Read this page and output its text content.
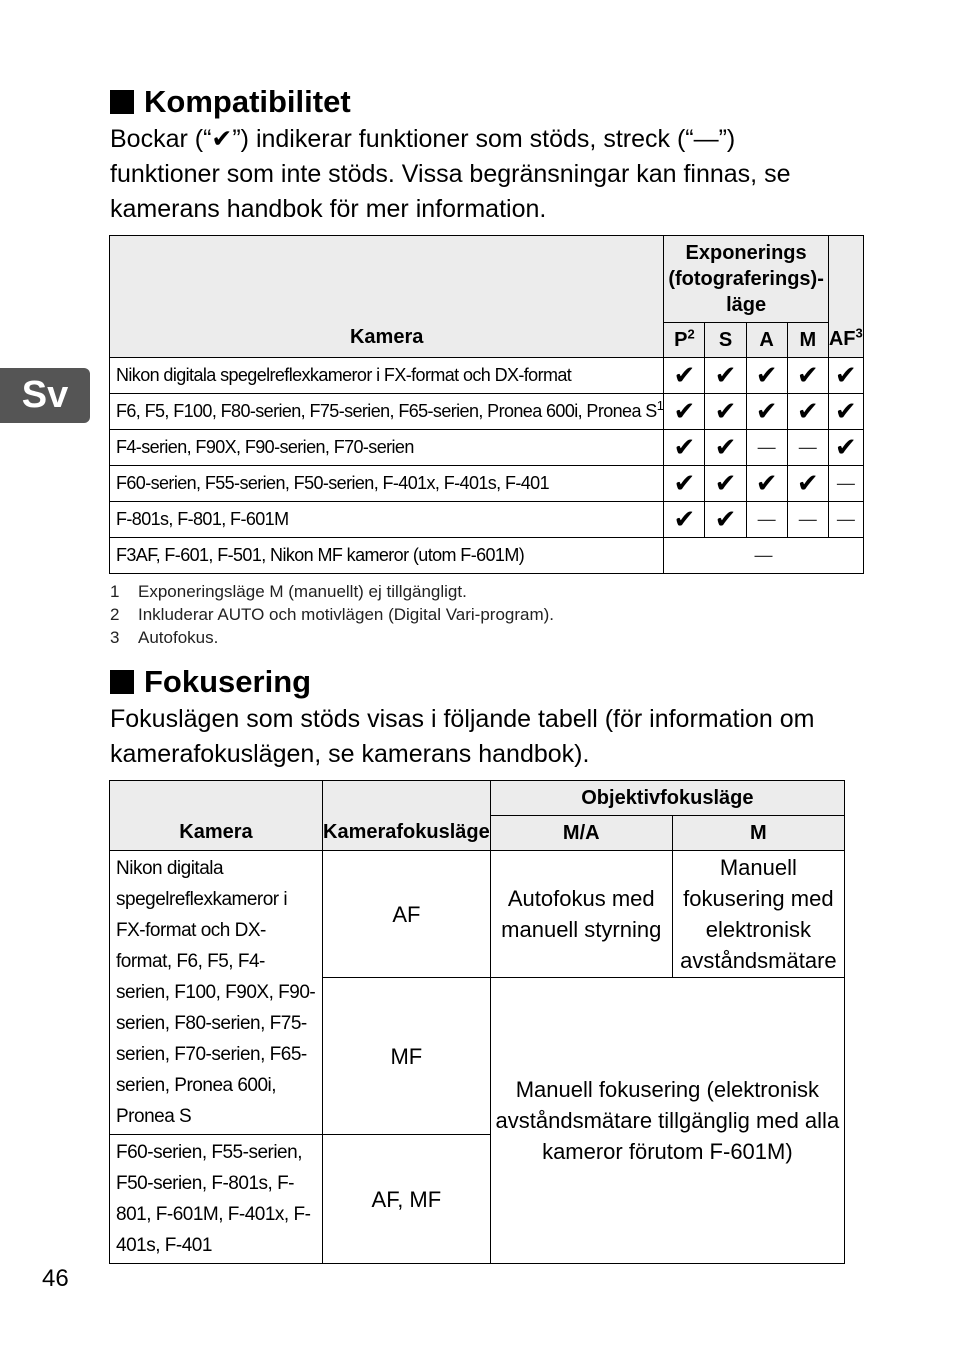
Sv
Kompatibilitet

Bockar (“✔”) indikerar funktioner som stöds, streck (“—”) funktioner som inte stöds. Vissa begränsningar kan finnas, se kamerans handbok för mer information.

Kamera	Exponerings (fotograferings)- läge				$AF^3$
	$P^2$	S	A	M	
Nikon digitala spegelreflexkameror i FX-format och DX-format	✔	✔	✔	✔	✔
F6, F5, F100, F80-serien, F75-serien, F65-serien, Pronea 600i, Pronea $S^1$	✔	✔	✔	✔	✔
F4-serien, F90X, F90-serien, F70-serien	✔	✔	—	—	✔
F60-serien, F55-serien, F50-serien, F-401x, F-401s, F-401	✔	✔	✔	✔	—
F-801s, F-801, F-601M	✔	✔	—	—	—
F3AF, F-601, F-501, Nikon MF kameror (utom F-601M)	—				
1 Exponeringsläge M (manuellt) ej tillgängligt.
2 Inkluderar AUTO och motivlägen (Digital Vari-program).
3 Autofokus.
Fokusering

Fokuslägen som stöds visas i följande tabell (för information om kamerafokuslägen, se kamerans handbok).

Kamera	Kamerafokusläge	Objektivfokusläge	
		M/A	M
Nikon digitala spegelreflexkameror i FX-format och DX-format, F6, F5, F4-serien, F100, F90X, F90-serien, F80-serien, F75-serien, F70-serien, F65-serien, Pronea 600i, Pronea S	AF	Autofokus med manuell styrning	Manuell fokusering med elektronisk avståndsmätare
	MF	Manuell fokusering (elektronisk avståndsmätare tillgänglig med alla kameror förutom F-601M)	
F60-serien, F55-serien, F50-serien, F-801s, F-801, F-601M, F-401x, F-401s, F-401	AF, MF		
46
